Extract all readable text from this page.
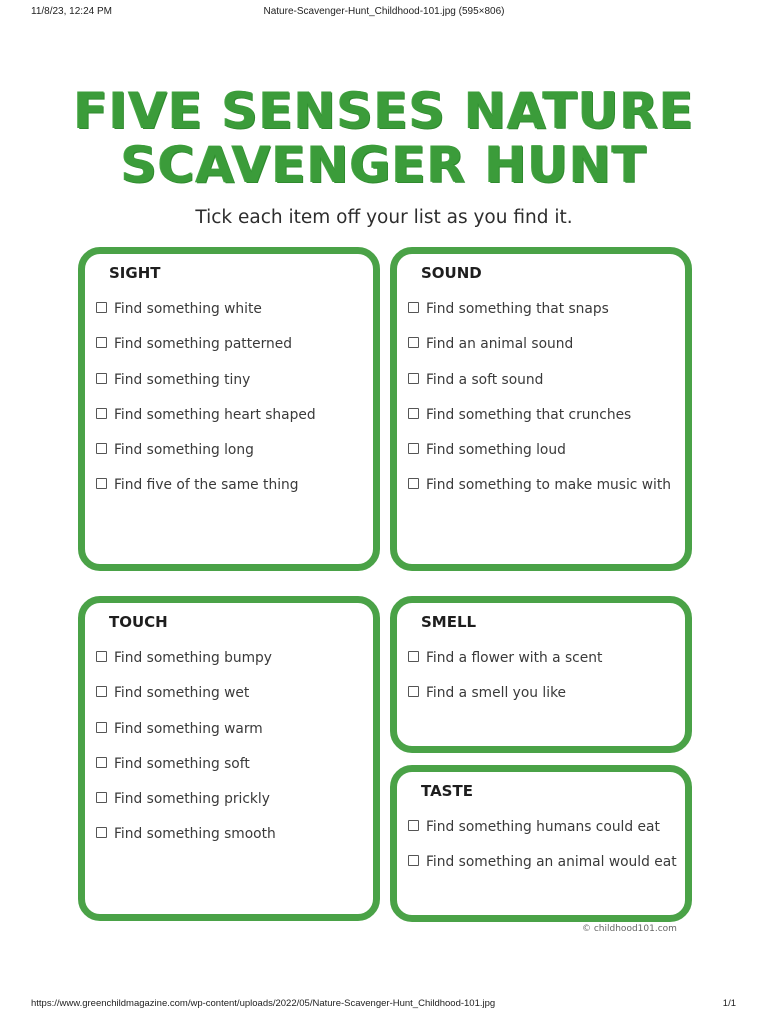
11/8/23, 12:24 PM	Nature-Scavenger-Hunt_Childhood-101.jpg (595×806)
FIVE SENSES NATURE
SCAVENGER HUNT
Tick each item off your list as you find it.
SIGHT
Find something white
Find something patterned
Find something tiny
Find something heart shaped
Find something long
Find five of the same thing
SOUND
Find something that snaps
Find an animal sound
Find a soft sound
Find something that crunches
Find something loud
Find something to make music with
TOUCH
Find something bumpy
Find something wet
Find something warm
Find something soft
Find something prickly
Find something smooth
SMELL
Find a flower with a scent
Find a smell you like
TASTE
Find something humans could eat
Find something an animal would eat
© childhood101.com
https://www.greenchildmagazine.com/wp-content/uploads/2022/05/Nature-Scavenger-Hunt_Childhood-101.jpg	1/1
